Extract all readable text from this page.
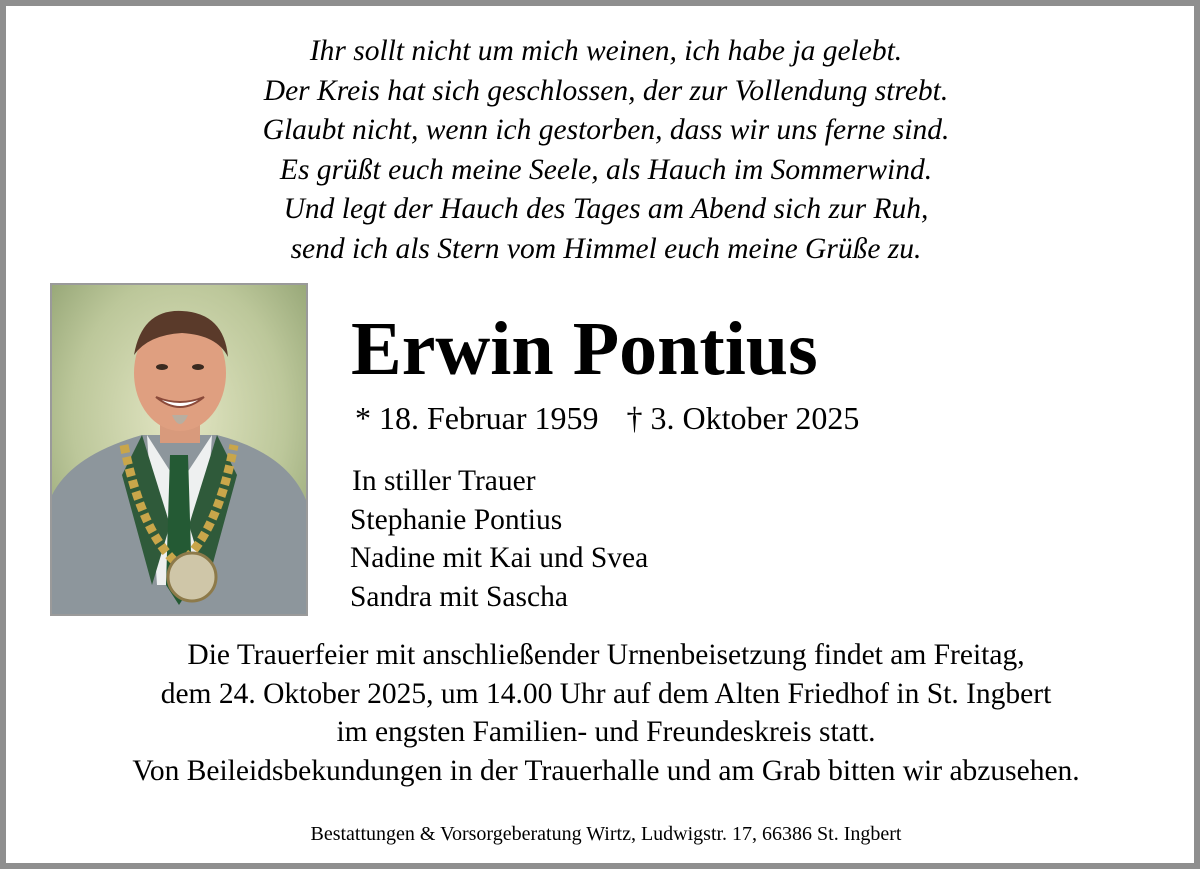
Ihr sollt nicht um mich weinen, ich habe ja gelebt.
Der Kreis hat sich geschlossen, der zur Vollendung strebt.
Glaubt nicht, wenn ich gestorben, dass wir uns ferne sind.
Es grüßt euch meine Seele, als Hauch im Sommerwind.
Und legt der Hauch des Tages am Abend sich zur Ruh,
send ich als Stern vom Himmel euch meine Grüße zu.
Erwin Pontius
* 18. Februar 1959 † 3. Oktober 2025
In stiller Trauer
Stephanie Pontius
Nadine mit Kai und Svea
Sandra mit Sascha
Die Trauerfeier mit anschließender Urnenbeisetzung findet am Freitag,
dem 24. Oktober 2025, um 14.00 Uhr auf dem Alten Friedhof in St. Ingbert
im engsten Familien- und Freundeskreis statt.
Von Beileidsbekundungen in der Trauerhalle und am Grab bitten wir abzusehen.
Bestattungen & Vorsorgeberatung Wirtz, Ludwigstr. 17, 66386 St. Ingbert
